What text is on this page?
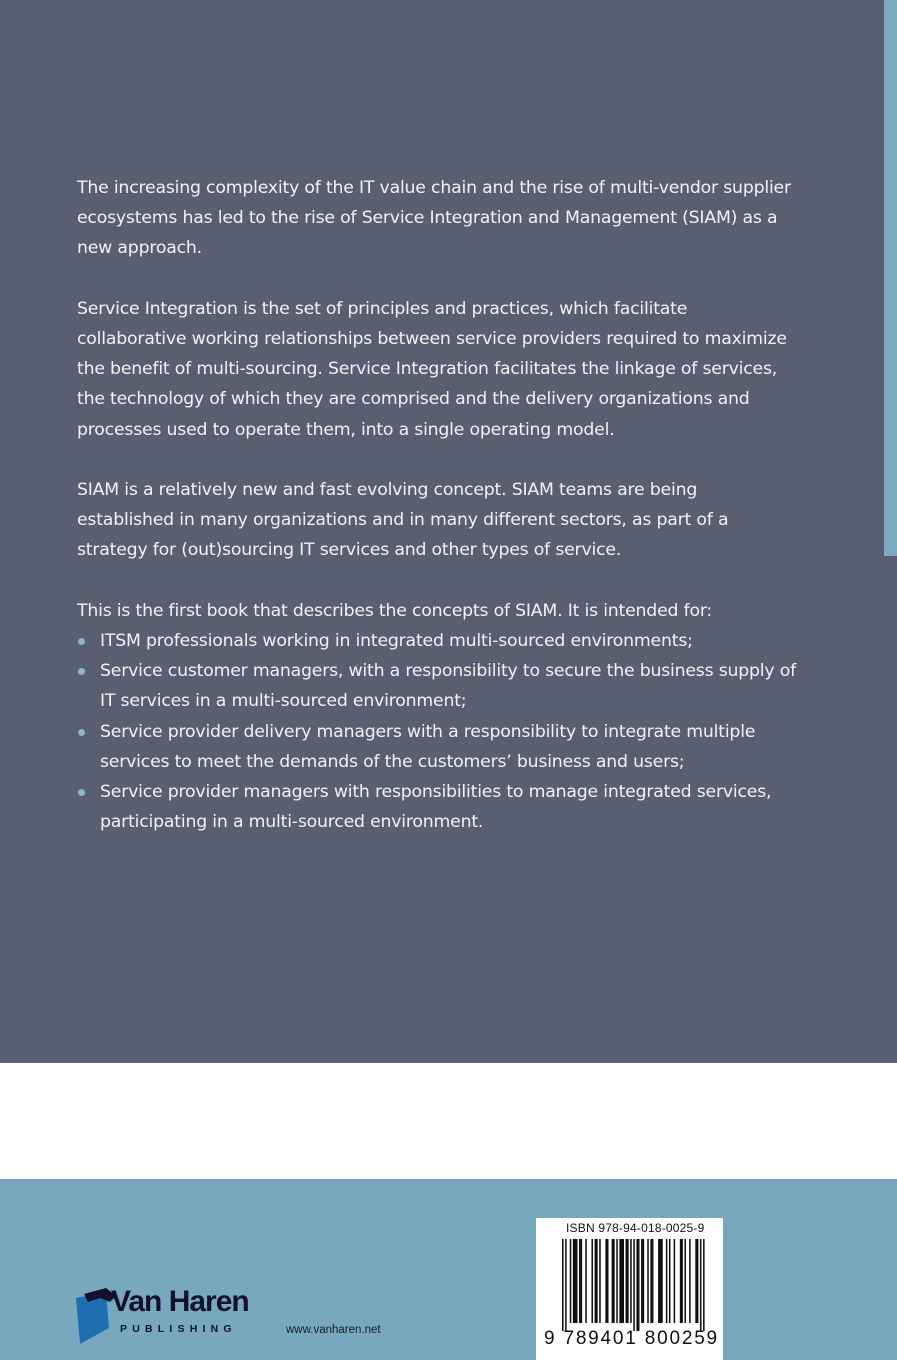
The increasing complexity of the IT value chain and the rise of multi-vendor supplier ecosystems has led to the rise of Service Integration and Management (SIAM) as a new approach.

Service Integration is the set of principles and practices, which facilitate collaborative working relationships between service providers required to maximize the benefit of multi-sourcing. Service Integration facilitates the linkage of services, the technology of which they are comprised and the delivery organizations and processes used to operate them, into a single operating model.

SIAM is a relatively new and fast evolving concept. SIAM teams are being established in many organizations and in many different sectors, as part of a strategy for (out)sourcing IT services and other types of service.

This is the first book that describes the concepts of SIAM. It is intended for:

ITSM professionals working in integrated multi-sourced environments;
Service customer managers, with a responsibility to secure the business supply of IT services in a multi-sourced environment;
Service provider delivery managers with a responsibility to integrate multiple services to meet the demands of the customers’ business and users;
Service provider managers with responsibilities to manage integrated services, participating in a multi-sourced environment.
ISBN 978-94-018-0025-9
9 789401 800259
Van Haren
PUBLISHING	www.vanharen.net
